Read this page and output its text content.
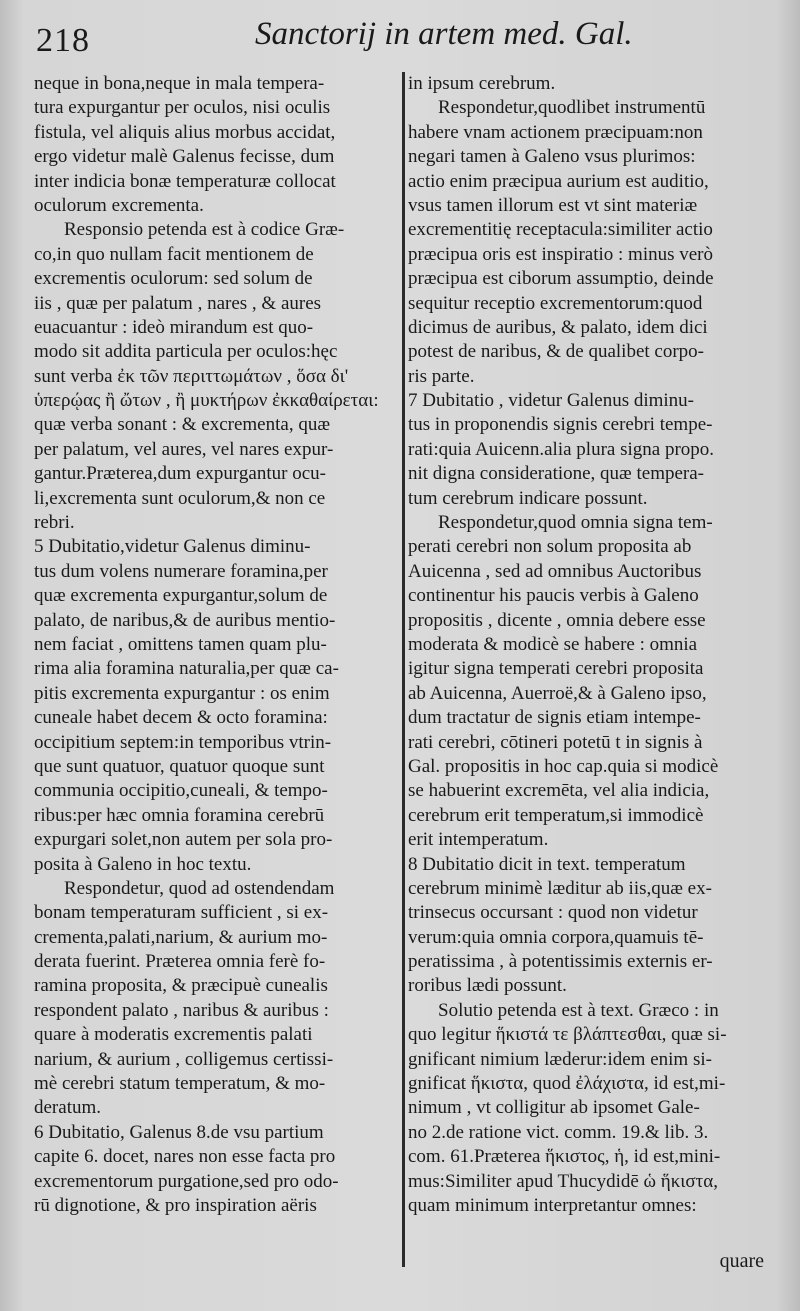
218	Sanctorij in artem med. Gal.
neque in bona,neque in mala tempera-
tura expurgantur per oculos, nisi oculis
fistula, vel aliquis alius morbus accidat,
ergo videtur malè Galenus fecisse, dum
inter indicia bonæ temperaturæ collocat
oculorum excrementa.
Responsio petenda est à codice Græ-
co,in quo nullam facit mentionem de
excrementis oculorum: sed solum de
iis , quæ per palatum , nares , & aures
euacuantur : ideò mirandum est quo-
modo sit addita particula per oculos:hęc
sunt verba ἐκ τῶν περιττωμάτων , ὅσα δι'
ὑπερῴας ἢ ὤτων , ἢ μυκτήρων ἐκκαθαίρεται:
quæ verba sonant : & excrementa, quæ
per palatum, vel aures, vel nares expur-
gantur.Prætereа,dum expurgantur ocu-
li,excrementa sunt oculorum,& non ce
rebri.
5 Dubitatio,videtur Galenus diminu-
tus dum volens numerare foramina,per
quæ excrementa expurgantur,solum de
palato, de naribus,& de auribus mentio-
nem faciat , omittens tamen quam plu-
rima alia foramina naturalia,per quæ ca-
pitis excrementa expurgantur : os enim
cuneale habet decem & octo foramina:
occipitium septem:in temporibus vtrin-
que sunt quatuor, quatuor quoque sunt
communia occipitio,cuneali, & tempo-
ribus:per hæc omnia foramina cerebrū
expurgari solet,non autem per sola pro-
posita à Galeno in hoc textu.
Respondetur, quod ad ostendendam
bonam temperaturam sufficient , si ex-
crementa,palati,narium, & aurium mo-
derata fuerint. Præterea omnia ferè fo-
ramina proposita, & præcipuè cunealis
respondent palato , naribus & auribus :
quare à moderatis excrementis palati
narium, & aurium , colligemus certissi-
mè cerebri statum temperatum, & mo-
deratum.
6 Dubitatio, Galenus 8.de vsu partium
capite 6. docet, nares non esse facta pro
excrementorum purgatione,sed pro odo-
rū dignotione, & pro inspiration aëris
in ipsum cerebrum.
Respondetur,quodlibet instrumentū
habere vnam actionem præcipuam:non
negari tamen à Galeno vsus plurimos:
actio enim præcipua aurium est auditio,
vsus tamen illorum est vt sint materiæ
excrementitię receptacula:similiter actio
præcipua oris est inspiratio : minus verò
præcipua est ciborum assumptio, deinde
sequitur receptio excrementorum:quod
dicimus de auribus, & palato, idem dici
potest de naribus, & de qualibet corpo-
ris parte.
7 Dubitatio , videtur Galenus diminu-
tus in proponendis signis cerebri tempe-
rati:quia Auicenn.alia plura signa propo.
nit digna consideratione, quæ tempera-
tum cerebrum indicare possunt.
Respondetur,quod omnia signa tem-
perati cerebri non solum proposita ab
Auicenna , sed ad omnibus Auctoribus
continentur his paucis verbis à Galeno
propositis , dicente , omnia debere esse
moderata & modicè se habere : omnia
igitur signa temperati cerebri proposita
ab Auicenna, Auerroë,& à Galeno ipso,
dum tractatur de signis etiam intempe-
rati cerebri, cōtineri potetū t in signis à
Gal. propositis in hoc cap.quia si modicè
se habuerint excremēta, vel alia indicia,
cerebrum erit temperatum,si immodicè
erit intemperatum.
8 Dubitatio dicit in text. temperatum
cerebrum minimè læditur ab iis,quæ ex-
trinsecus occursant : quod non videtur
verum:quia omnia corpora,quamuis tē-
peratissima , à potentissimis externis er-
roribus lædi possunt.
Solutio petenda est à text. Græco : in
quo legitur ἥκιστά τε βλάπτεσθαι, quæ si-
gnificant nimium læderur:idem enim si-
gnificat ἥκιστα, quod ἐλάχιστα, id est,mi-
nimum , vt colligitur ab ipsomet Gale-
no 2.de ratione vict. comm. 19.& lib. 3.
com. 61.Præterea ἥκιστος, ἡ, id est,mini-
mus:Similiter apud Thucydidē ὡ ἥκιστα,
quam minimum interpretantur omnes:
quare
